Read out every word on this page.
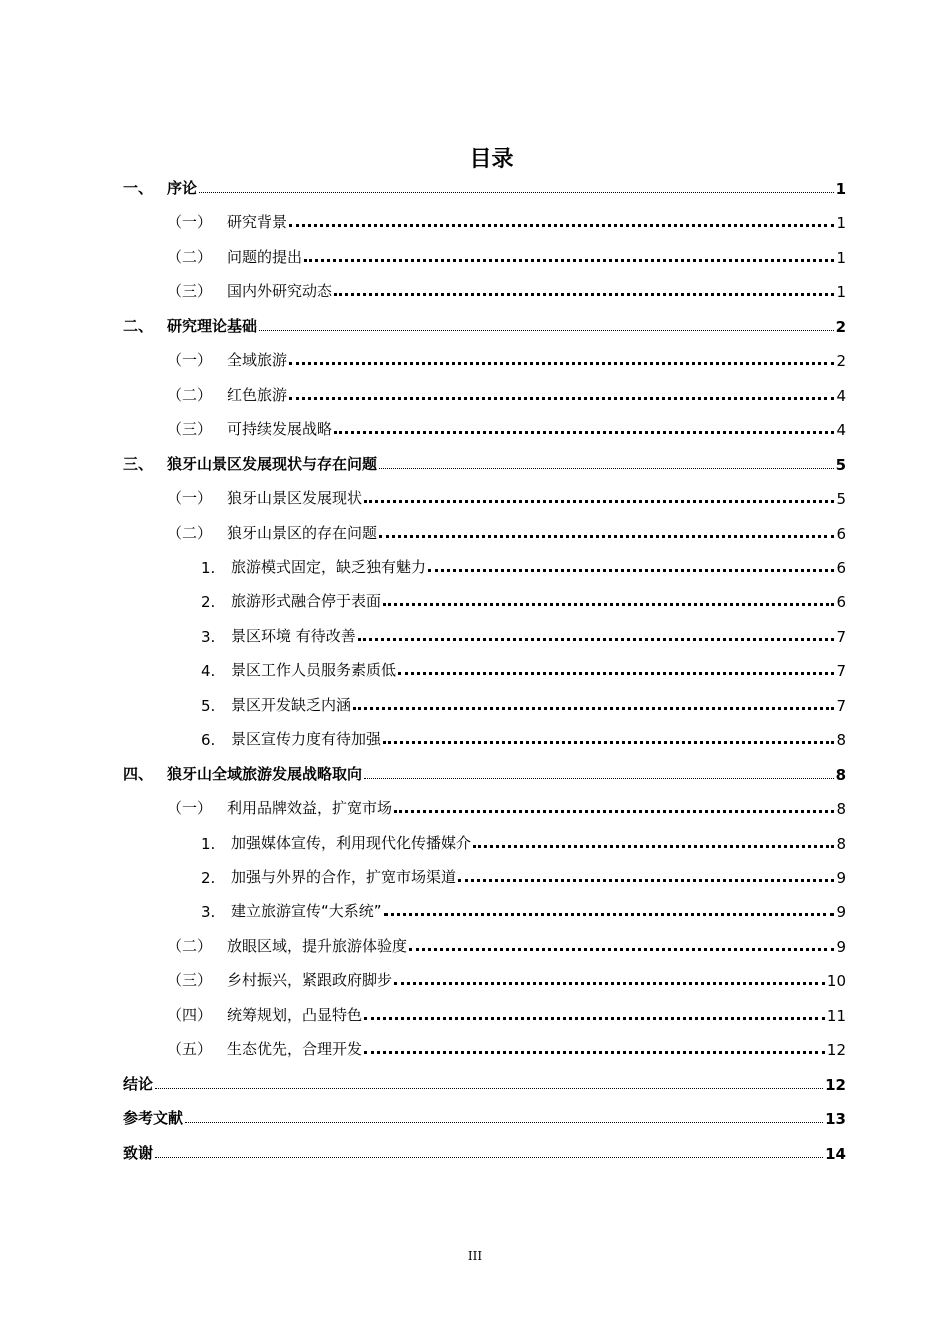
目录
一、 序论	1
（一） 研究背景	1
（二） 问题的提出	1
（三） 国内外研究动态	1
二、 研究理论基础	2
（一） 全域旅游	2
（二） 红色旅游	4
（三） 可持续发展战略	4
三、 狼牙山景区发展现状与存在问题	5
（一） 狼牙山景区发展现状	5
（二） 狼牙山景区的存在问题	6
1.	旅游模式固定，缺乏独有魅力	6
2.	旅游形式融合停于表面	6
3.	景区环境 有待改善	7
4.	景区工作人员服务素质低	7
5.	景区开发缺乏内涵	7
6.	景区宣传力度有待加强	8
四、 狼牙山全域旅游发展战略取向	8
（一） 利用品牌效益，扩宽市场	8
1.	加强媒体宣传，利用现代化传播媒介	8
2.	加强与外界的合作，扩宽市场渠道	9
3.	建立旅游宣传“大系统”	9
（二） 放眼区域，提升旅游体验度	9
（三） 乡村振兴，紧跟政府脚步	10
（四） 统筹规划，凸显特色	11
（五） 生态优先，合理开发	12
结论	12
参考文献	13
致谢	14
III
